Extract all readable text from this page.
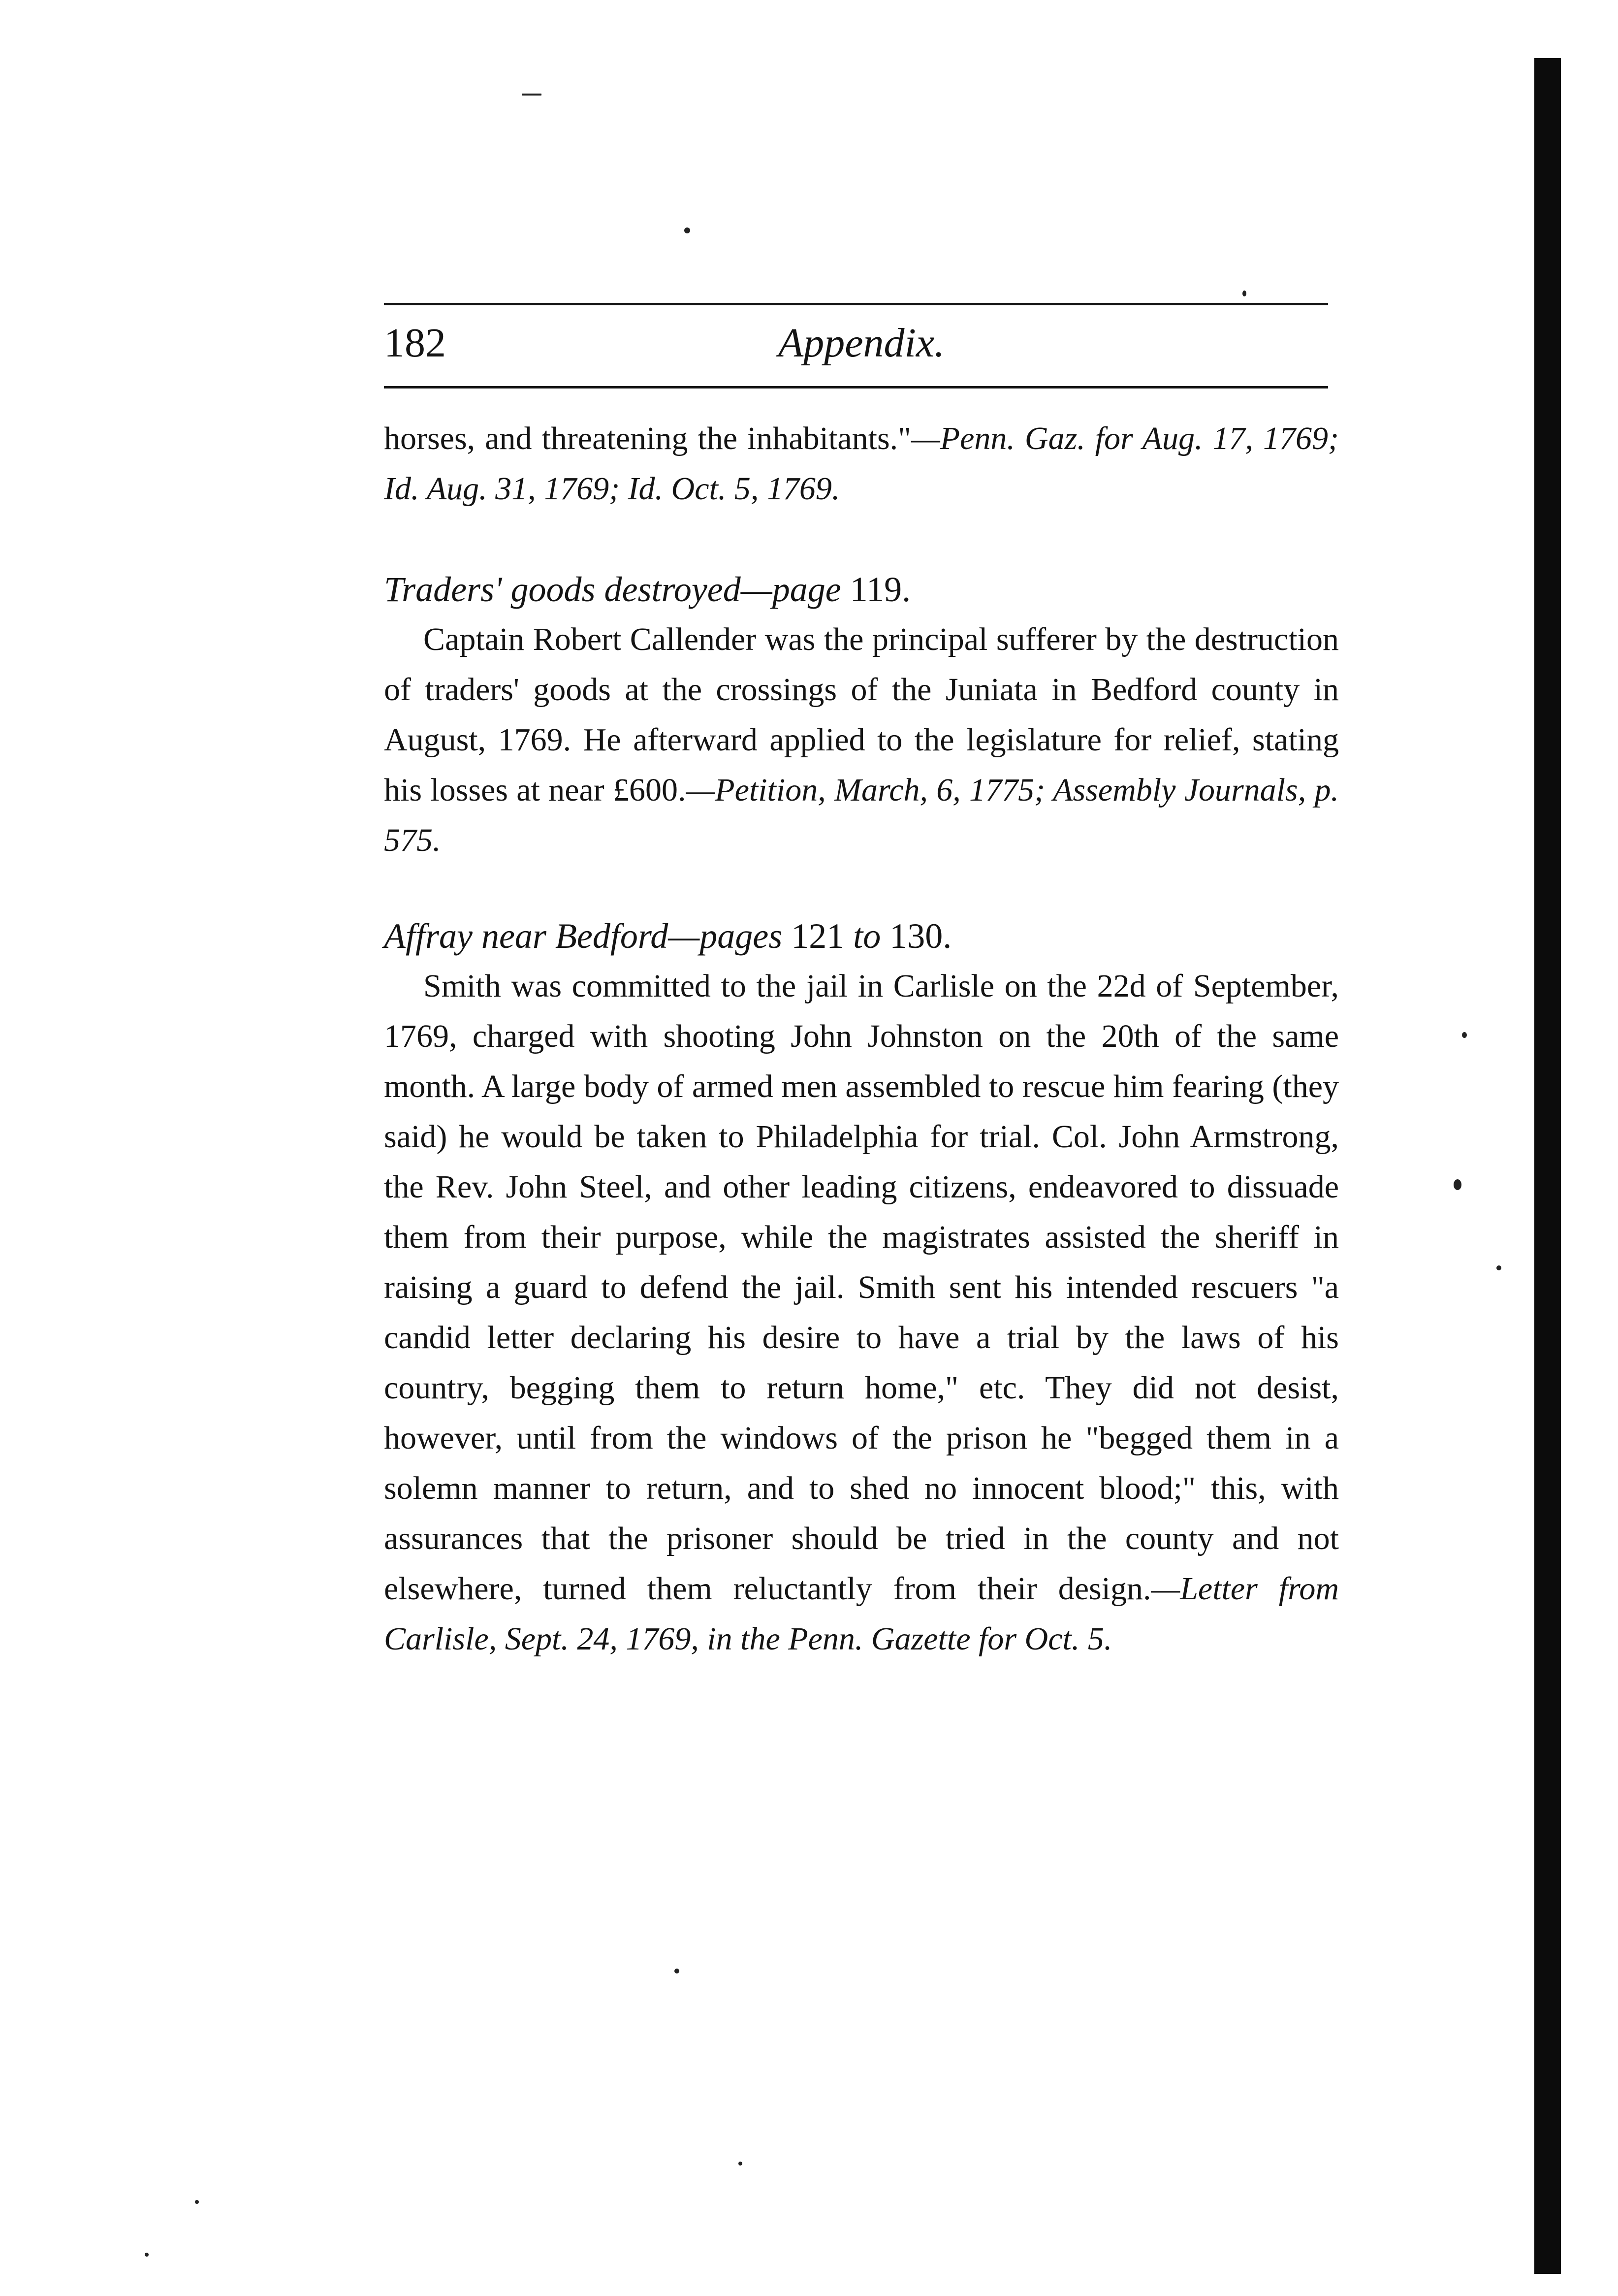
182	Appendix.

horses, and threatening the inhabitants."—Penn. Gaz. for Aug. 17, 1769; Id. Aug. 31, 1769; Id. Oct. 5, 1769.

Traders' goods destroyed—page 119.

Captain Robert Callender was the principal sufferer by the destruction of traders' goods at the crossings of the Juniata in Bedford county in August, 1769. He afterward applied to the legislature for relief, stating his losses at near £600.—Petition, March, 6, 1775; Assembly Journals, p. 575.

Affray near Bedford—pages 121 to 130.

Smith was committed to the jail in Carlisle on the 22d of September, 1769, charged with shooting John Johnston on the 20th of the same month. A large body of armed men assembled to rescue him fearing (they said) he would be taken to Philadelphia for trial. Col. John Armstrong, the Rev. John Steel, and other leading citizens, endeavored to dissuade them from their purpose, while the magistrates assisted the sheriff in raising a guard to defend the jail. Smith sent his intended rescuers "a candid letter declaring his desire to have a trial by the laws of his country, begging them to return home," etc. They did not desist, however, until from the windows of the prison he "begged them in a solemn manner to return, and to shed no innocent blood;" this, with assurances that the prisoner should be tried in the county and not elsewhere, turned them reluctantly from their design.—Letter from Carlisle, Sept. 24, 1769, in the Penn. Gazette for Oct. 5.
